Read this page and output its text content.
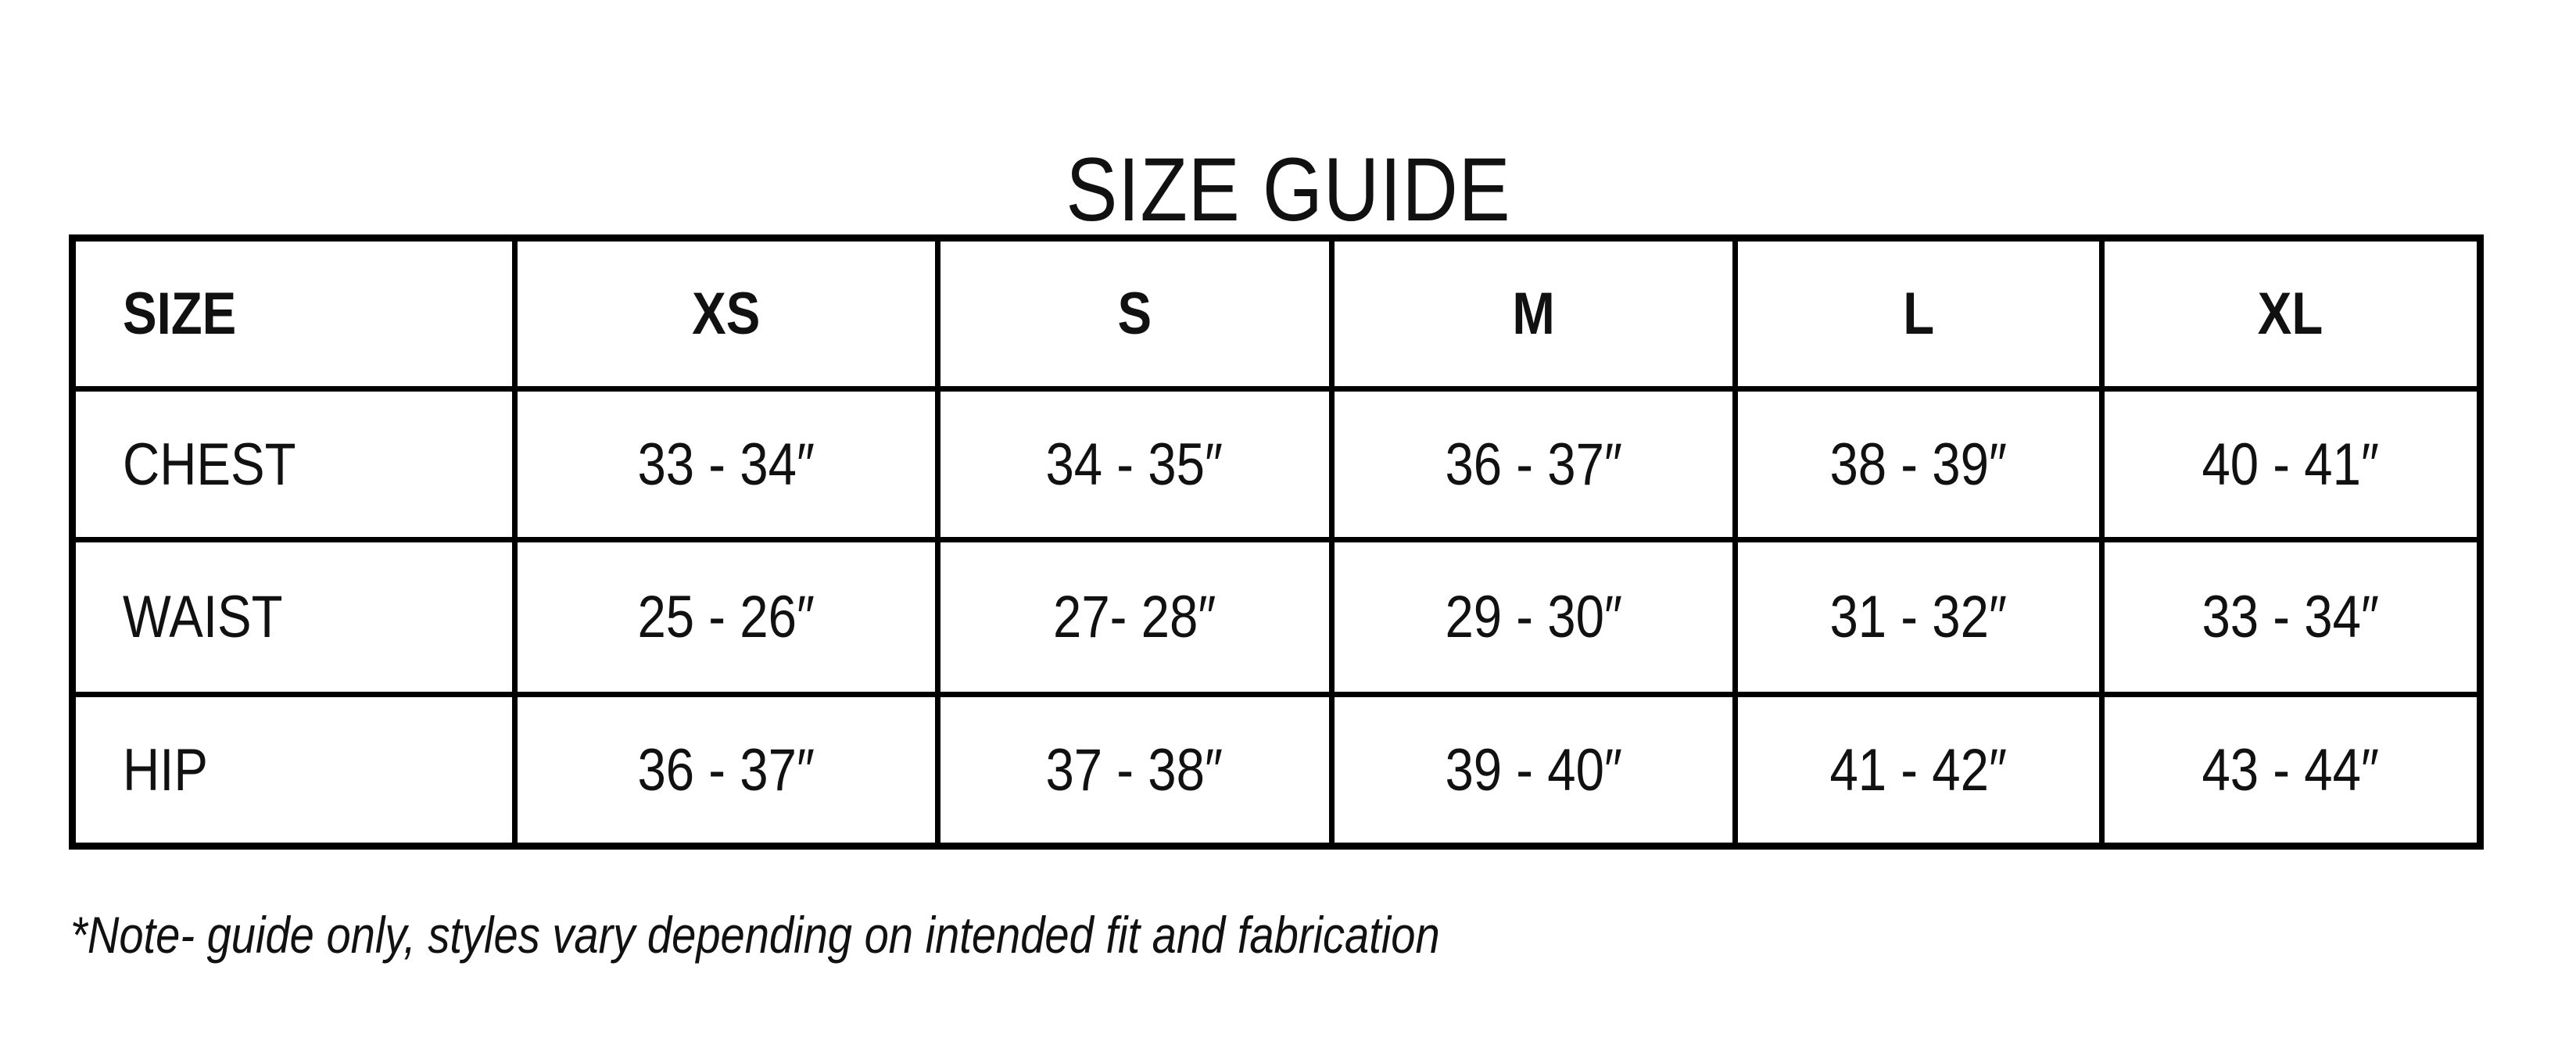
SIZE GUIDE
SIZE	XS	S	M	L	XL
CHEST	33 - 34″	34 - 35″	36 - 37″	38 - 39″	40 - 41″
WAIST	25 - 26″	27- 28″	29 - 30″	31 - 32″	33 - 34″
HIP	36 - 37″	37 - 38″	39 - 40″	41 - 42″	43 - 44″

*Note- guide only, styles vary depending on intended fit and fabrication
